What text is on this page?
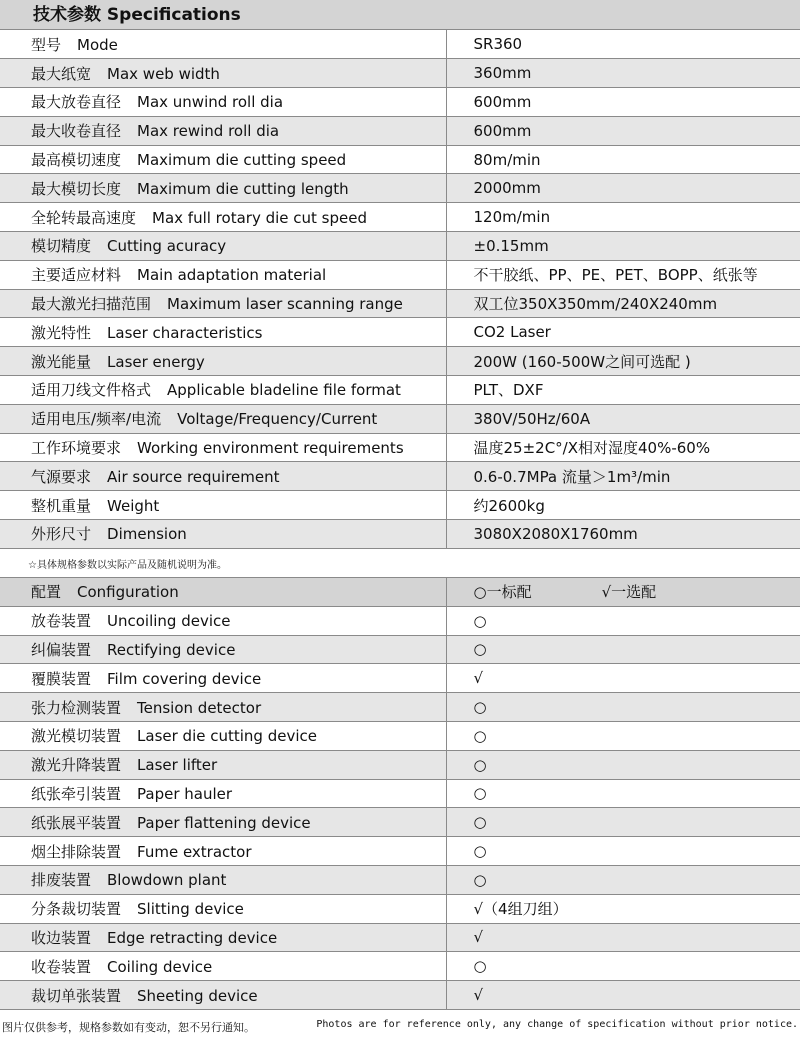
技术参数 Specifications
型号 Mode	SR360
最大纸宽 Max web width	360mm
最大放卷直径 Max unwind roll dia	600mm
最大收卷直径 Max rewind roll dia	600mm
最高模切速度 Maximum die cutting speed	80m/min
最大模切长度 Maximum die cutting length	2000mm
全轮转最高速度 Max full rotary die cut speed	120m/min
模切精度 Cutting acuracy	±0.15mm
主要适应材料 Main adaptation material	不干胶纸、PP、PE、PET、BOPP、纸张等
最大激光扫描范围 Maximum laser scanning range	双工位350X350mm/240X240mm
激光特性 Laser characteristics	CO2 Laser
激光能量 Laser energy	200W (160-500W之间可选配 )
适用刀线文件格式 Applicable bladeline file format	PLT、DXF
适用电压/频率/电流 Voltage/Frequency/Current	380V/50Hz/60A
工作环境要求 Working environment requirements	温度25±2C°/X相对湿度40%-60%
气源要求 Air source requirement	0.6-0.7MPa 流量＞1m³/min
整机重量 Weight	约2600kg
外形尺寸 Dimension	3080X2080X1760mm
☆具体规格参数以实际产品及随机说明为准。
配置 Configuration	○一标配 √一选配
放卷装置 Uncoiling device	○
纠偏装置 Rectifying device	○
覆膜装置 Film covering device	√
张力检测装置 Tension detector	○
激光模切装置 Laser die cutting device	○
激光升降装置 Laser lifter	○
纸张牵引装置 Paper hauler	○
纸张展平装置 Paper flattening device	○
烟尘排除装置 Fume extractor	○
排废装置 Blowdown plant	○
分条裁切装置 Slitting device	√（4组刀组）
收边装置 Edge retracting device	√
收卷装置 Coiling device	○
裁切单张装置 Sheeting device	√
图片仅供参考，规格参数如有变动，恕不另行通知。	Photos are for reference only, any change of specification without prior notice.
